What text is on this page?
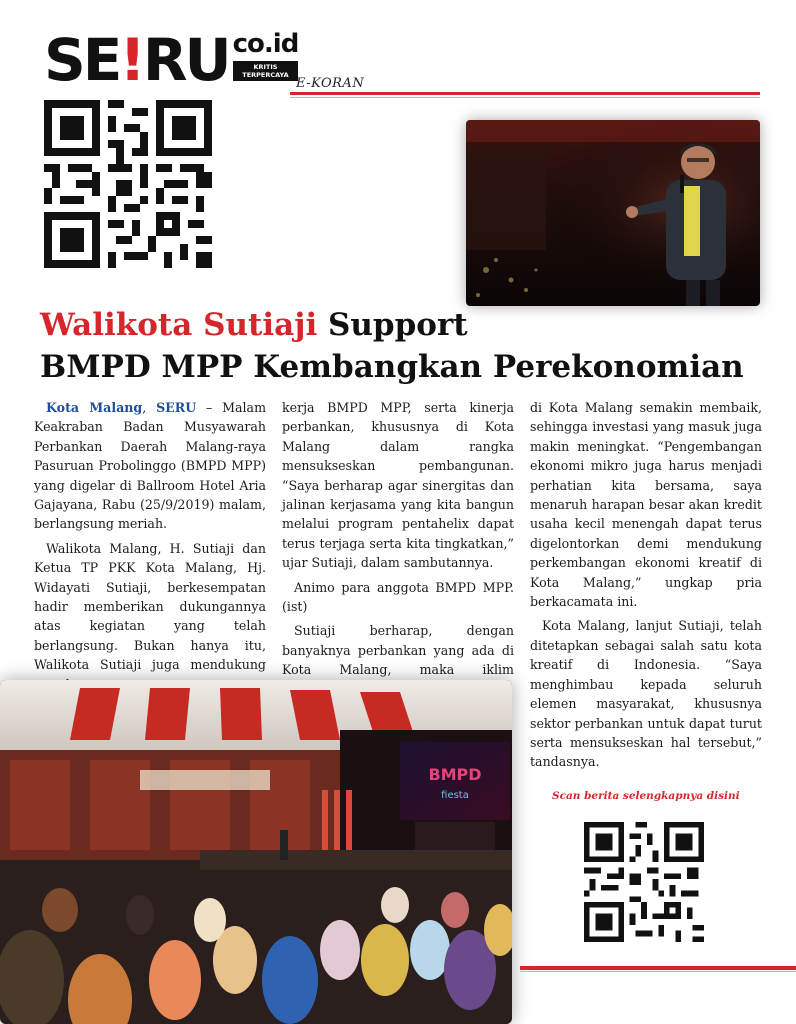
SE!RU co.id
KRITIS
TERPERCAYA
E-KORAN
Walikota Sutiaji Support
BMPD MPP Kembangkan Perekonomian

Kota Malang, SERU – Malam Keakraban Badan Musyawarah Perbankan Daerah Malang-raya Pasuruan Probolinggo (BMPD MPP) yang digelar di Ballroom Hotel Aria Gajayana, Rabu (25/9/2019) malam, berlangsung meriah.

Walikota Malang, H. Sutiaji dan Ketua TP PKK Kota Malang, Hj. Widayati Sutiaji, berkesempatan hadir memberikan dukungannya atas kegiatan yang telah berlangsung. Bukan hanya itu, Walikota Sutiaji juga mendukung

kerja BMPD MPP, serta kinerja perbankan, khususnya di Kota Malang dalam rangka mensukseskan pembangunan. “Saya berharap agar sinergitas dan jalinan kerjasama yang kita bangun melalui program pentahelix dapat terus terjaga serta kita tingkatkan,” ujar Sutiaji, dalam sambutannya.

Animo para anggota BMPD MPP. (ist)

Sutiaji berharap, dengan banyaknya perbankan yang ada di Kota Malang, maka iklim

di Kota Malang semakin membaik, sehingga investasi yang masuk juga makin meningkat. “Pengembangan ekonomi mikro juga harus menjadi perhatian kita bersama, saya menaruh harapan besar akan kredit usaha kecil menengah dapat terus digelontorkan demi mendukung perkembangan ekonomi kreatif di Kota Malang,” ungkap pria berkacamata ini.

Kota Malang, lanjut Sutiaji, telah ditetapkan sebagai salah satu kota kreatif di Indonesia. “Saya menghimbau kepada seluruh elemen masyarakat, khususnya sektor perbankan untuk dapat turut serta mensukseskan hal tersebut,” tandasnya.

BMPD
fiesta	Scan berita selengkapnya disini
